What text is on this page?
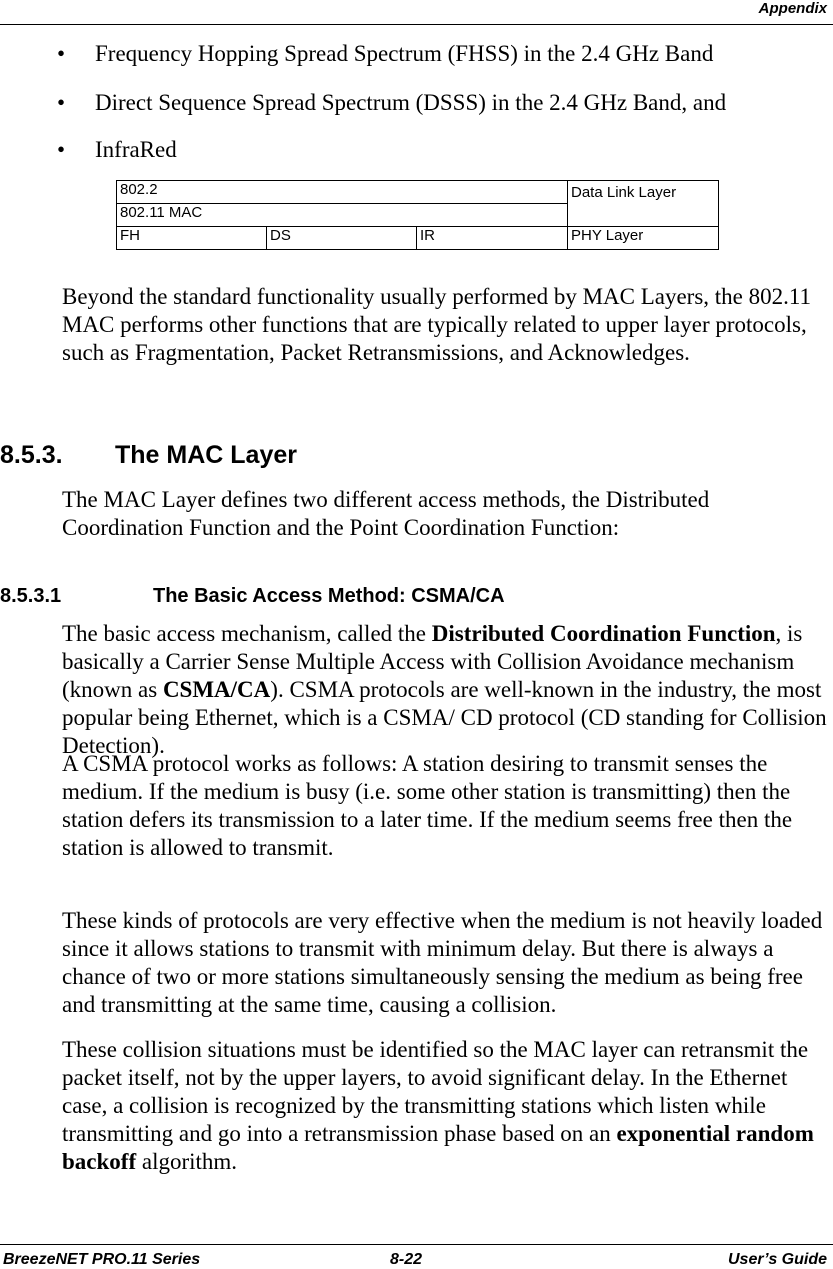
Appendix
• Frequency Hopping Spread Spectrum (FHSS) in the 2.4 GHz Band
• Direct Sequence Spread Spectrum (DSSS) in the 2.4 GHz Band, and
• InfraRed
802.2			Data Link Layer
802.11 MAC			
FH	DS	IR	PHY Layer
Beyond the standard functionality usually performed by MAC Layers, the 802.11 MAC performs other functions that are typically related to upper layer protocols, such as Fragmentation, Packet Retransmissions, and Acknowledges.
8.5.3. The MAC Layer
The MAC Layer defines two different access methods, the Distributed Coordination Function and the Point Coordination Function:
8.5.3.1	The Basic Access Method: CSMA/CA
The basic access mechanism, called the Distributed Coordination Function, is basically a Carrier Sense Multiple Access with Collision Avoidance mechanism (known as CSMA/CA). CSMA protocols are well-known in the industry, the most popular being Ethernet, which is a CSMA/ CD protocol (CD standing for Collision Detection).
A CSMA protocol works as follows: A station desiring to transmit senses the medium. If the medium is busy (i.e. some other station is transmitting) then the station defers its transmission to a later time. If the medium seems free then the station is allowed to transmit.
These kinds of protocols are very effective when the medium is not heavily loaded since it allows stations to transmit with minimum delay. But there is always a chance of two or more stations simultaneously sensing the medium as being free and transmitting at the same time, causing a collision.
These collision situations must be identified so the MAC layer can retransmit the packet itself, not by the upper layers, to avoid significant delay. In the Ethernet case, a collision is recognized by the transmitting stations which listen while transmitting and go into a retransmission phase based on an exponential random backoff algorithm.
BreezeNET PRO.11 Series	8-22	User’s Guide
